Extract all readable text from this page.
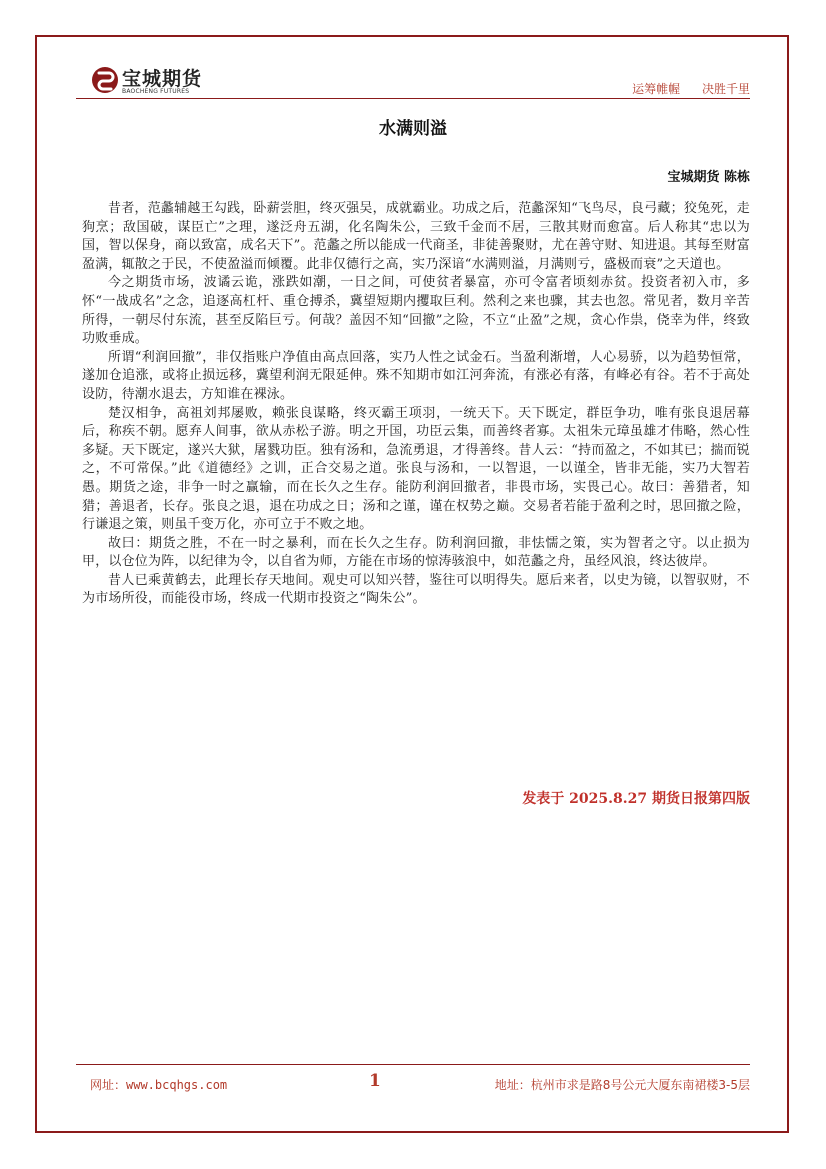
宝城期货
BAOCHENG FUTURES	运筹帷幄 决胜千里
水满则溢
宝城期货 陈栋

昔者，范蠡辅越王勾践，卧薪尝胆，终灭强吴，成就霸业。功成之后，范蠡深知“飞鸟尽，良弓藏；狡兔死，走狗烹；敌国破，谋臣亡”之理，遂泛舟五湖，化名陶朱公，三致千金而不居，三散其财而愈富。后人称其“忠以为国，智以保身，商以致富，成名天下”。范蠡之所以能成一代商圣，非徒善聚财，尤在善守财、知进退。其每至财富盈满，辄散之于民，不使盈溢而倾覆。此非仅德行之高，实乃深谙“水满则溢，月满则亏，盛极而衰”之天道也。

今之期货市场，波谲云诡，涨跌如潮，一日之间，可使贫者暴富，亦可令富者顷刻赤贫。投资者初入市，多怀“一战成名”之念，追逐高杠杆、重仓搏杀，冀望短期内攫取巨利。然利之来也骤，其去也忽。常见者，数月辛苦所得，一朝尽付东流，甚至反陷巨亏。何哉？盖因不知“回撤”之险，不立“止盈”之规，贪心作祟，侥幸为伴，终致功败垂成。

所谓“利润回撤”，非仅指账户净值由高点回落，实乃人性之试金石。当盈利渐增，人心易骄，以为趋势恒常，遂加仓追涨，或将止损远移，冀望利润无限延伸。殊不知期市如江河奔流，有涨必有落，有峰必有谷。若不于高处设防，待潮水退去，方知谁在裸泳。

楚汉相争，高祖刘邦屡败，赖张良谋略，终灭霸王项羽，一统天下。天下既定，群臣争功，唯有张良退居幕后，称疾不朝。愿弃人间事，欲从赤松子游。明之开国，功臣云集，而善终者寡。太祖朱元璋虽雄才伟略，然心性多疑。天下既定，遂兴大狱，屠戮功臣。独有汤和，急流勇退，才得善终。昔人云：“持而盈之，不如其已；揣而锐之，不可常保。”此《道德经》之训，正合交易之道。张良与汤和，一以智退，一以谨全，皆非无能，实乃大智若愚。期货之途，非争一时之赢输，而在长久之生存。能防利润回撤者，非畏市场，实畏己心。故曰：善猎者，知猎；善退者，长存。张良之退，退在功成之日；汤和之谨，谨在权势之巅。交易者若能于盈利之时，思回撤之险，行谦退之策，则虽千变万化，亦可立于不败之地。

故曰：期货之胜，不在一时之暴利，而在长久之生存。防利润回撤，非怯懦之策，实为智者之守。以止损为甲，以仓位为阵，以纪律为令，以自省为师，方能在市场的惊涛骇浪中，如范蠡之舟，虽经风浪，终达彼岸。

昔人已乘黄鹤去，此理长存天地间。观史可以知兴替，鉴往可以明得失。愿后来者，以史为镜，以智驭财，不为市场所役，而能役市场，终成一代期市投资之“陶朱公”。

发表于 2025.8.27 期货日报第四版
网址：www.bcqhgs.com	1	地址：杭州市求是路8号公元大厦东南裙楼3-5层
